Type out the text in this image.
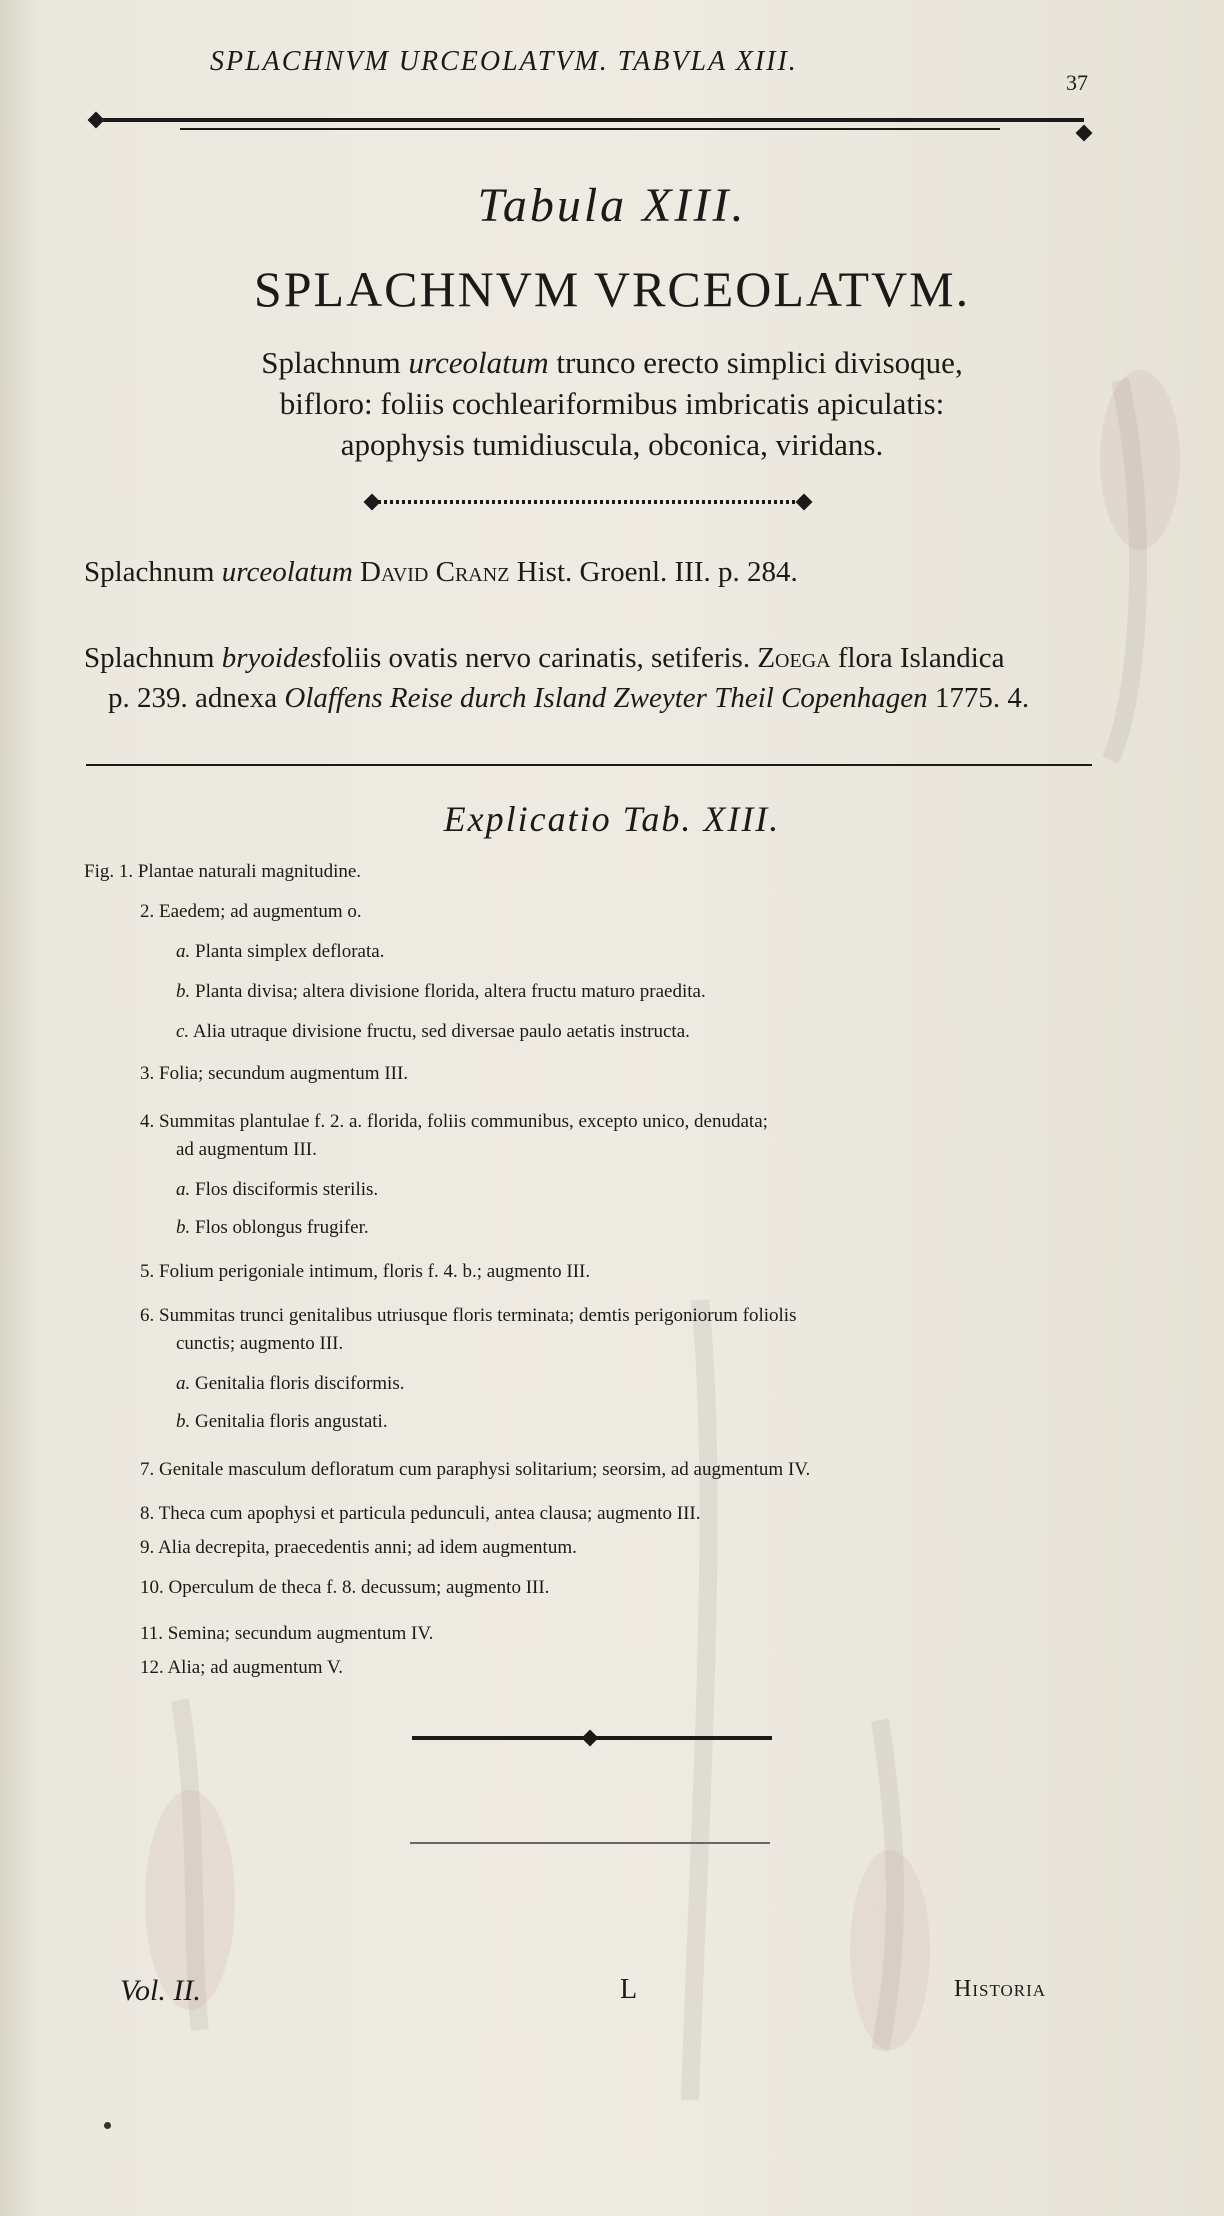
SPLACHNVM URCEOLATVM. TABVLA XIII.
37
Tabula XIII.
SPLACHNVM VRCEOLATVM.
Splachnum urceolatum trunco erecto simplici divisoque,
bifloro: foliis cochleariformibus imbricatis apiculatis:
apophysis tumidiuscula, obconica, viridans.
Splachnum urceolatum David Cranz Hist. Groenl. III. p. 284.
Splachnum bryoidesfoliis ovatis nervo carinatis, setiferis. Zoega flora Islandica
p. 239. adnexa Olaffens Reise durch Island Zweyter Theil Copenhagen 1775. 4.
Explicatio Tab. XIII.
Fig. 1. Plantae naturali magnitudine.
2. Eaedem; ad augmentum o.
a. Planta simplex deflorata.
b. Planta divisa; altera divisione florida, altera fructu maturo praedita.
c. Alia utraque divisione fructu, sed diversae paulo aetatis instructa.
3. Folia; secundum augmentum III.
4. Summitas plantulae f. 2. a. florida, foliis communibus, excepto unico, denudata;
ad augmentum III.
a. Flos disciformis sterilis.
b. Flos oblongus frugifer.
5. Folium perigoniale intimum, floris f. 4. b.; augmento III.
6. Summitas trunci genitalibus utriusque floris terminata; demtis perigoniorum foliolis
cunctis; augmento III.
a. Genitalia floris disciformis.
b. Genitalia floris angustati.
7. Genitale masculum defloratum cum paraphysi solitarium; seorsim, ad augmentum IV.
8. Theca cum apophysi et particula pedunculi, antea clausa; augmento III.
9. Alia decrepita, praecedentis anni; ad idem augmentum.
10. Operculum de theca f. 8. decussum; augmento III.
11. Semina; secundum augmentum IV.
12. Alia; ad augmentum V.
Vol. II.	L	Historia
